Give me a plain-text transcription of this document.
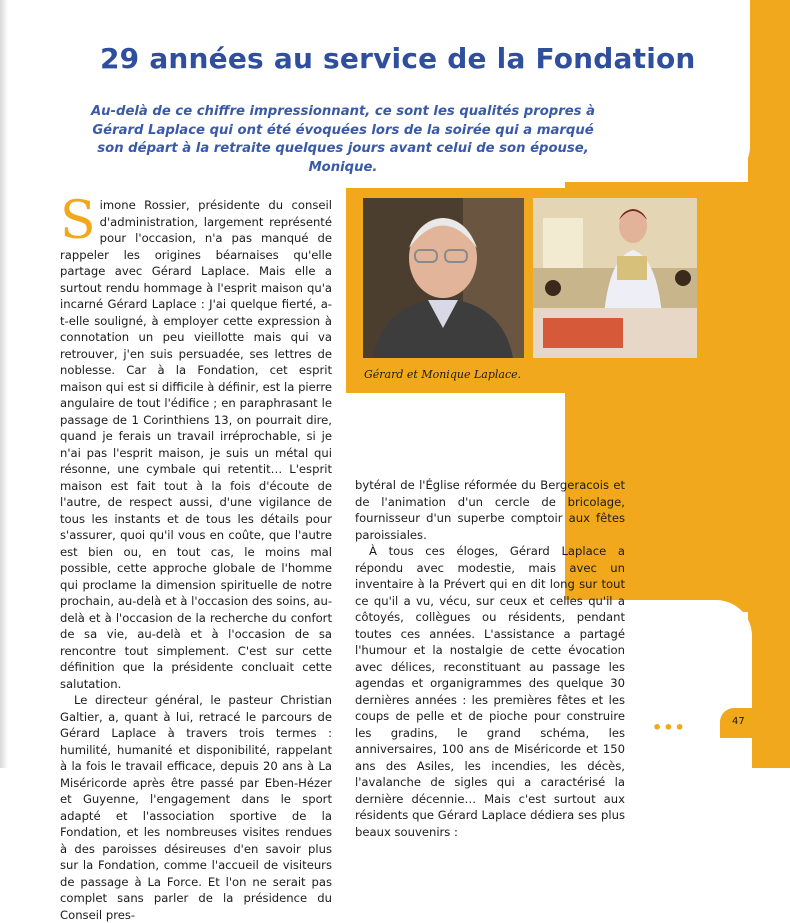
29 années au service de la Fondation

Au-delà de ce chiffre impressionnant, ce sont les qualités propres à Gérard Laplace qui ont été évoquées lors de la soirée qui a marqué son départ à la retraite quelques jours avant celui de son épouse, Monique.

Gérard et Monique Laplace.

S imone Rossier, présidente du conseil d'administration, largement représenté pour l'occasion, n'a pas manqué de rappeler les origines béarnaises qu'elle partage avec Gérard Laplace. Mais elle a surtout rendu hommage à l'esprit maison qu'a incarné Gérard Laplace : J'ai quelque fierté, a-t-elle souligné, à employer cette expression à connotation un peu vieillotte mais qui va retrouver, j'en suis persuadée, ses lettres de noblesse. Car à la Fondation, cet esprit maison qui est si difficile à définir, est la pierre angulaire de tout l'édifice ; en paraphrasant le passage de 1 Corinthiens 13, on pourrait dire, quand je ferais un travail irréprochable, si je n'ai pas l'esprit maison, je suis un métal qui résonne, une cymbale qui retentit… L'esprit maison est fait tout à la fois d'écoute de l'autre, de respect aussi, d'une vigilance de tous les instants et de tous les détails pour s'assurer, quoi qu'il vous en coûte, que l'autre est bien ou, en tout cas, le moins mal possible, cette approche globale de l'homme qui proclame la dimension spirituelle de notre prochain, au-delà et à l'occasion des soins, au-delà et à l'occasion de la recherche du confort de sa vie, au-delà et à l'occasion de sa rencontre tout simplement. C'est sur cette définition que la présidente concluait cette salutation.

Le directeur général, le pasteur Christian Galtier, a, quant à lui, retracé le parcours de Gérard Laplace à travers trois termes : humilité, humanité et disponibilité, rappelant à la fois le travail efficace, depuis 20 ans à La Miséricorde après être passé par Eben-Hézer et Guyenne, l'engagement dans le sport adapté et l'association sportive de la Fondation, et les nombreuses visites rendues à des paroisses désireuses d'en savoir plus sur la Fondation, comme l'accueil de visiteurs de passage à La Force. Et l'on ne serait pas complet sans parler de la présidence du Conseil pres-

bytéral de l'Église réformée du Bergeracois et de l'animation d'un cercle de bricolage, fournisseur d'un superbe comptoir aux fêtes paroissiales.

À tous ces éloges, Gérard Laplace a répondu avec modestie, mais avec un inventaire à la Prévert qui en dit long sur tout ce qu'il a vu, vécu, sur ceux et celles qu'il a côtoyés, collègues ou résidents, pendant toutes ces années. L'assistance a partagé l'humour et la nostalgie de cette évocation avec délices, reconstituant au passage les agendas et organigrammes des quelque 30 dernières années : les premières fêtes et les coups de pelle et de pioche pour construire les gradins, le grand schéma, les anniversaires, 100 ans de Miséricorde et 150 ans des Asiles, les incendies, les décès, l'avalanche de sigles qui a caractérisé la dernière décennie… Mais c'est surtout aux résidents que Gérard Laplace dédiera ses plus beaux souvenirs :

•••	47
